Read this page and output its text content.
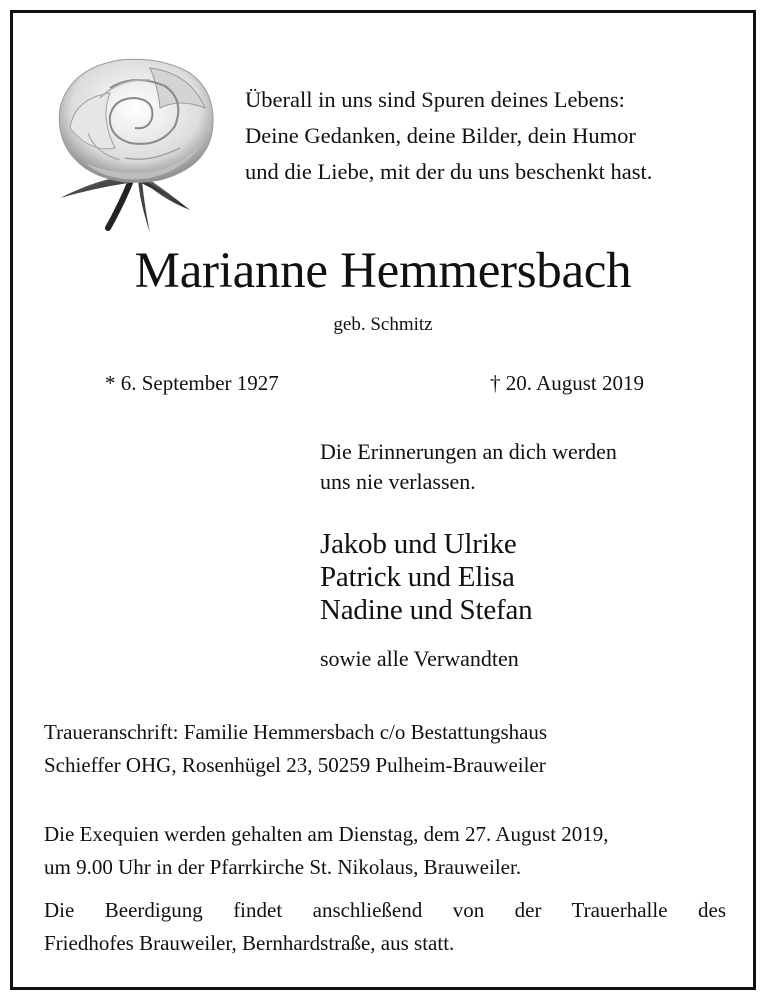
Überall in uns sind Spuren deines Lebens:
Deine Gedanken, deine Bilder, dein Humor
und die Liebe, mit der du uns beschenkt hast.
Marianne Hemmersbach
geb. Schmitz
* 6. September 1927	† 20. August 2019
Die Erinnerungen an dich werden
uns nie verlassen.
Jakob und Ulrike
Patrick und Elisa
Nadine und Stefan
sowie alle Verwandten
Traueranschrift: Familie Hemmersbach c/o Bestattungshaus
Schieffer OHG, Rosenhügel 23, 50259 Pulheim-Brauweiler
Die Exequien werden gehalten am Dienstag, dem 27. August 2019,
um 9.00 Uhr in der Pfarrkirche St. Nikolaus, Brauweiler.
Die Beerdigung findet anschließend von der Trauerhalle des
Friedhofes Brauweiler, Bernhardstraße, aus statt.
